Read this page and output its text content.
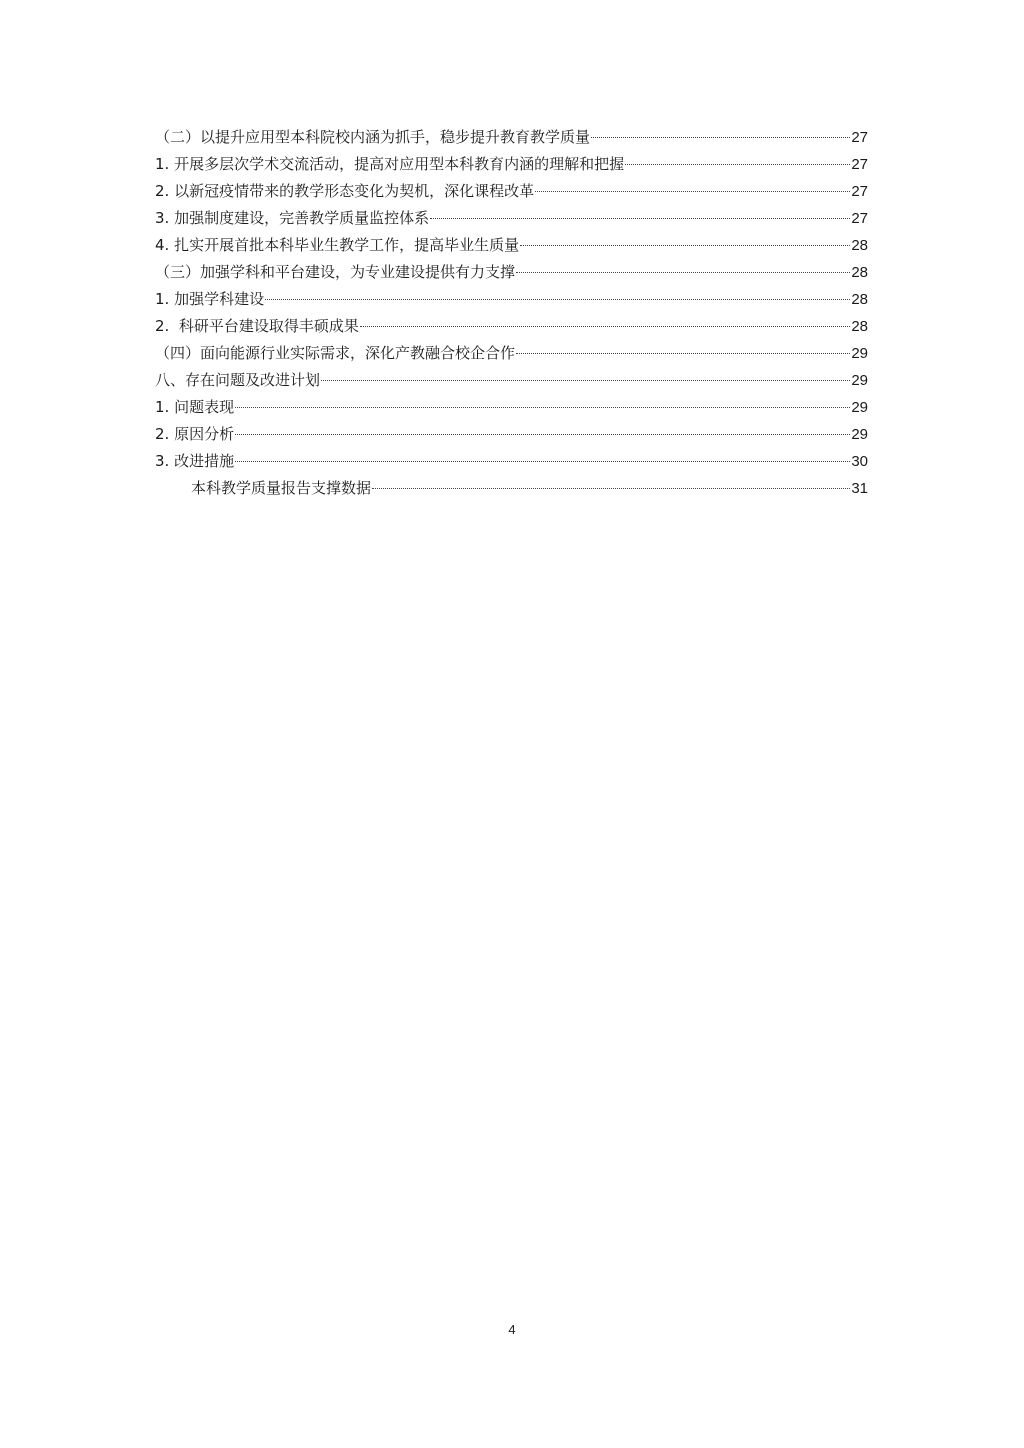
（二）以提升应用型本科院校内涵为抓手，稳步提升教育教学质量	27
1. 开展多层次学术交流活动，提高对应用型本科教育内涵的理解和把握	27
2. 以新冠疫情带来的教学形态变化为契机，深化课程改革	27
3. 加强制度建设，完善教学质量监控体系	27
4. 扎实开展首批本科毕业生教学工作，提高毕业生质量	28
（三）加强学科和平台建设，为专业建设提供有力支撑	28
1. 加强学科建设	28
2.  科研平台建设取得丰硕成果	28
（四）面向能源行业实际需求，深化产教融合校企合作	29
八、存在问题及改进计划	29
1. 问题表现	29
2. 原因分析	29
3. 改进措施	30
本科教学质量报告支撑数据	31
4
